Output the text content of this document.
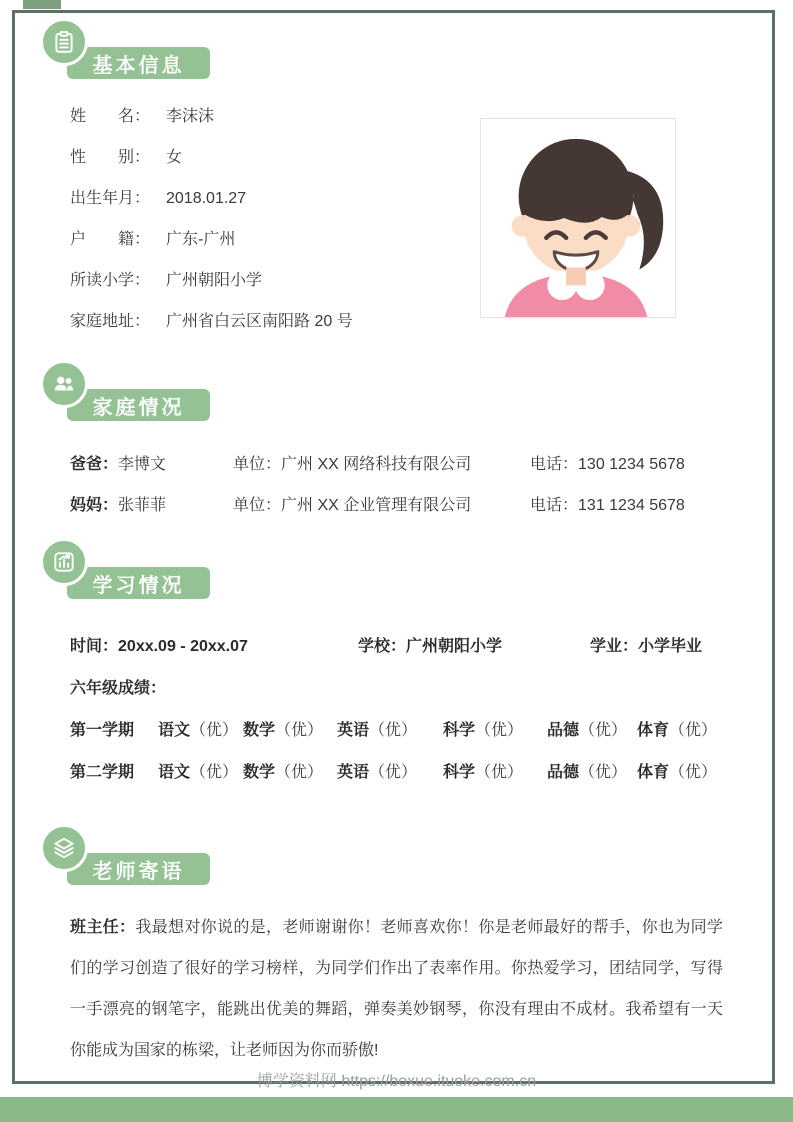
基本信息
姓　　名： 李沫沫
性　　别： 女
出生年月： 2018.01.27
户　　籍： 广东-广州
所读小学： 广州朝阳小学
家庭地址： 广州省白云区南阳路 20 号
家庭情况
爸爸：李博文	单位：广州 XX 网络科技有限公司	电话：130 1234 5678
妈妈：张菲菲	单位：广州 XX 企业管理有限公司	电话：131 1234 5678
学习情况
时间：20xx.09 - 20xx.07	学校：广州朝阳小学	学业：小学毕业
六年级成绩：
第一学期	语文（优） 数学（优） 英语（优）	科学（优）	品德（优） 体育（优）
第二学期	语文（优） 数学（优） 英语（优）	科学（优）	品德（优） 体育（优）
老师寄语
班主任：我最想对你说的是，老师谢谢你！老师喜欢你！你是老师最好的帮手，你也为同学们的学习创造了很好的学习榜样，为同学们作出了表率作用。你热爱学习，团结同学，写得一手漂亮的钢笔字，能跳出优美的舞蹈，弹奏美妙钢琴，你没有理由不成材。我希望有一天你能成为国家的栋梁，让老师因为你而骄傲!
博学资料网 https://boxue.ituoke.com.cn
